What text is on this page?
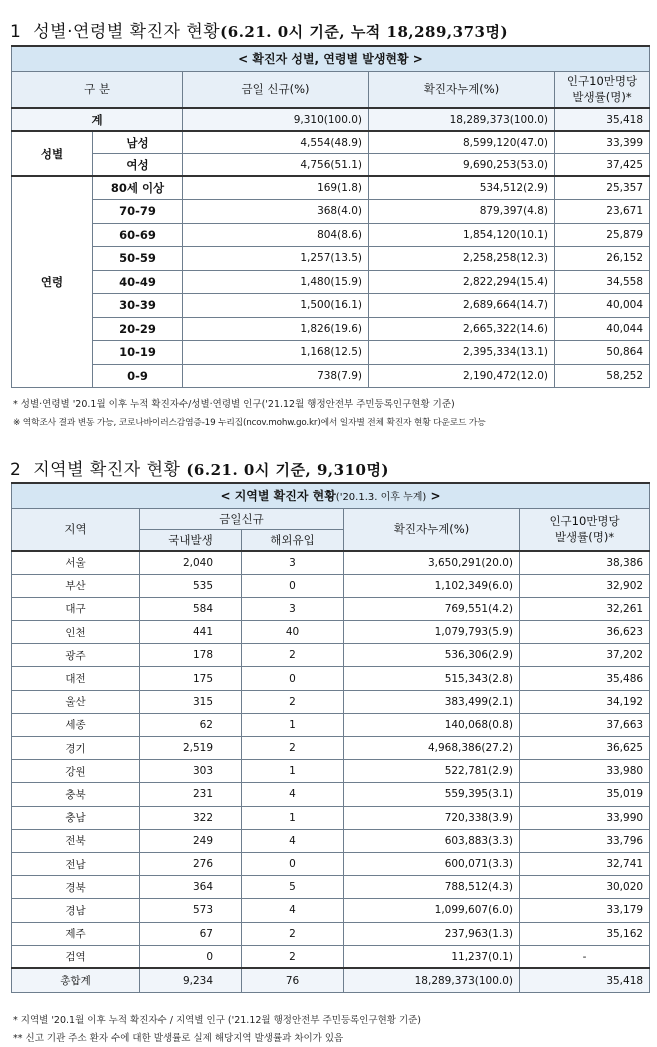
1 성별·연령별 확진자 현황(6.21. 0시 기준, 누적 18,289,373명)
< 확진자 성별, 연령별 발생현황 >				
구 분		금일 신규(%)	확진자누계(%)	인구10만명당
발생률(명)*
계		9,310(100.0)	18,289,373(100.0)	35,418
성별	남성	4,554(48.9)	8,599,120(47.0)	33,399
	여성	4,756(51.1)	9,690,253(53.0)	37,425
연령	80세 이상	169(1.8)	534,512(2.9)	25,357
	70-79	368(4.0)	879,397(4.8)	23,671
	60-69	804(8.6)	1,854,120(10.1)	25,879
	50-59	1,257(13.5)	2,258,258(12.3)	26,152
	40-49	1,480(15.9)	2,822,294(15.4)	34,558
	30-39	1,500(16.1)	2,689,664(14.7)	40,004
	20-29	1,826(19.6)	2,665,322(14.6)	40,044
	10-19	1,168(12.5)	2,395,334(13.1)	50,864
	0-9	738(7.9)	2,190,472(12.0)	58,252
* 성별·연령별 '20.1월 이후 누적 확진자수/성별·연령별 인구('21.12월 행정안전부 주민등록인구현황 기준)
※ 역학조사 결과 변동 가능, 코로나바이러스감염증-19 누리집(ncov.mohw.go.kr)에서 일자별 전체 확진자 현황 다운로드 가능
2 지역별 확진자 현황 (6.21. 0시 기준, 9,310명)
< 지역별 확진자 현황('20.1.3. 이후 누계) >				
지역	금일신규		확진자누계(%)	인구10만명당
발생률(명)*
	국내발생	해외유입		
서울	2,040	3	3,650,291(20.0)	38,386
부산	535	0	1,102,349(6.0)	32,902
대구	584	3	769,551(4.2)	32,261
인천	441	40	1,079,793(5.9)	36,623
광주	178	2	536,306(2.9)	37,202
대전	175	0	515,343(2.8)	35,486
울산	315	2	383,499(2.1)	34,192
세종	62	1	140,068(0.8)	37,663
경기	2,519	2	4,968,386(27.2)	36,625
강원	303	1	522,781(2.9)	33,980
충북	231	4	559,395(3.1)	35,019
충남	322	1	720,338(3.9)	33,990
전북	249	4	603,883(3.3)	33,796
전남	276	0	600,071(3.3)	32,741
경북	364	5	788,512(4.3)	30,020
경남	573	4	1,099,607(6.0)	33,179
제주	67	2	237,963(1.3)	35,162
검역	0	2	11,237(0.1)	-
총합계	9,234	76	18,289,373(100.0)	35,418
* 지역별 '20.1월 이후 누적 확진자수 / 지역별 인구 ('21.12월 행정안전부 주민등록인구현황 기준)
** 신고 기관 주소 환자 수에 대한 발생률로 실제 해당지역 발생률과 차이가 있음
